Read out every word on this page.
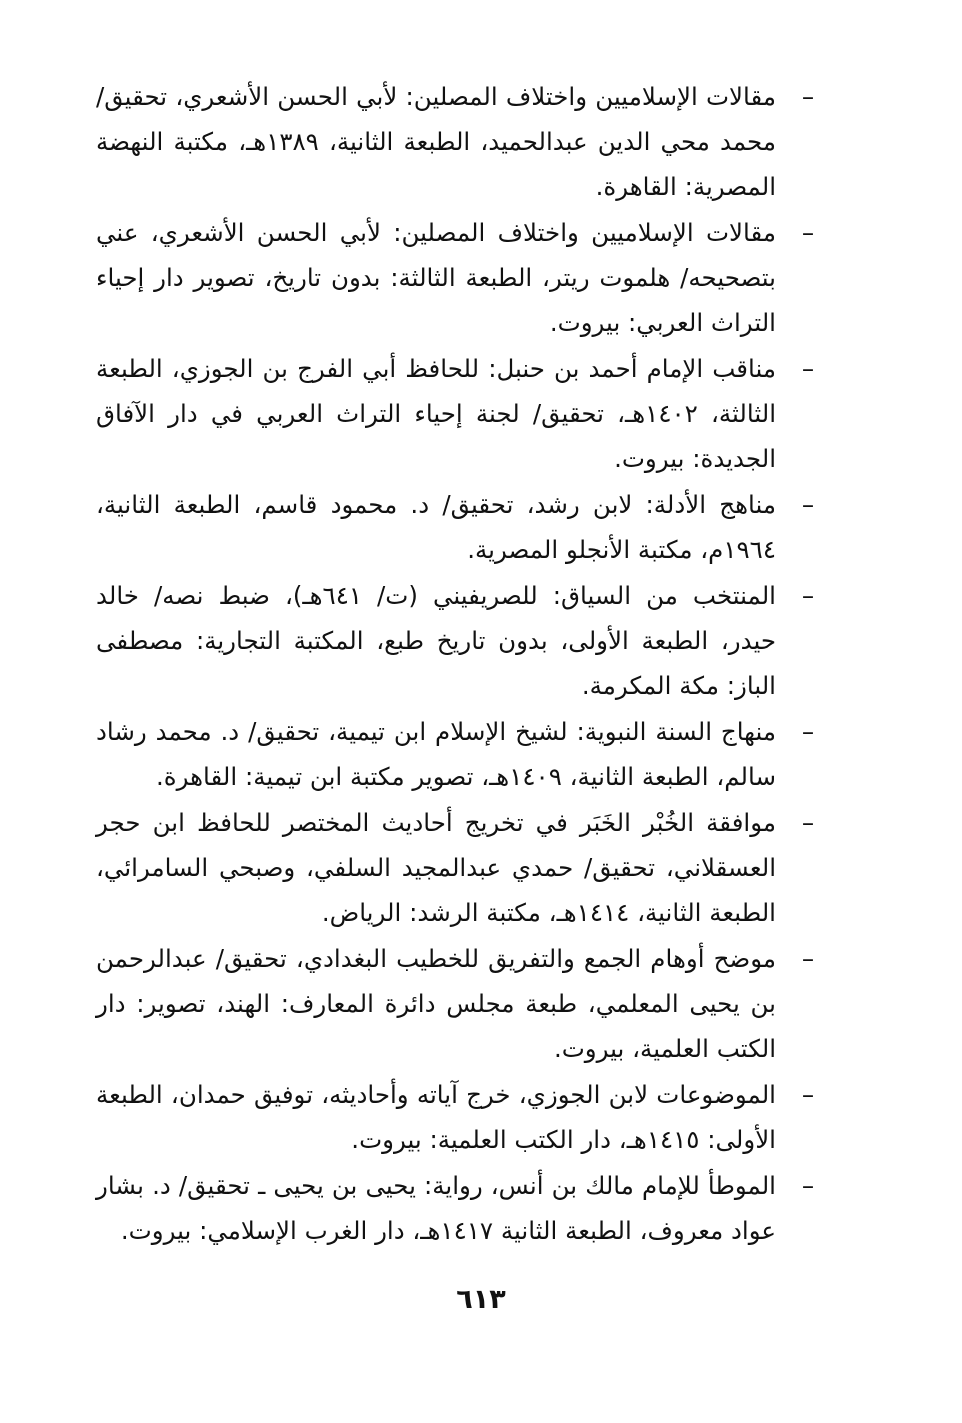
–
مقالات الإسلاميين واختلاف المصلين: لأبي الحسن الأشعري، تحقيق/ محمد محي الدين عبدالحميد، الطبعة الثانية، ١٣٨٩هـ، مكتبة النهضة المصرية: القاهرة.
–
مقالات الإسلاميين واختلاف المصلين: لأبي الحسن الأشعري، عني بتصحيحه/ هلموت ريتر، الطبعة الثالثة: بدون تاريخ، تصوير دار إحياء التراث العربي: بيروت.
–
مناقب الإمام أحمد بن حنبل: للحافظ أبي الفرج بن الجوزي، الطبعة الثالثة، ١٤٠٢هـ، تحقيق/ لجنة إحياء التراث العربي في دار الآفاق الجديدة: بيروت.
–
مناهج الأدلة: لابن رشد، تحقيق/ د. محمود قاسم، الطبعة الثانية، ١٩٦٤م، مكتبة الأنجلو المصرية.
–
المنتخب من السياق: للصريفيني (ت/ ٦٤١هـ)، ضبط نصه/ خالد حيدر، الطبعة الأولى، بدون تاريخ طبع، المكتبة التجارية: مصطفى الباز: مكة المكرمة.
–
منهاج السنة النبوية: لشيخ الإسلام ابن تيمية، تحقيق/ د. محمد رشاد سالم، الطبعة الثانية، ١٤٠٩هـ، تصوير مكتبة ابن تيمية: القاهرة.
–
موافقة الخُبْر الخَبَر في تخريج أحاديث المختصر للحافظ ابن حجر العسقلاني، تحقيق/ حمدي عبدالمجيد السلفي، وصبحي السامرائي، الطبعة الثانية، ١٤١٤هـ، مكتبة الرشد: الرياض.
–
موضح أوهام الجمع والتفريق للخطيب البغدادي، تحقيق/ عبدالرحمن بن يحيى المعلمي، طبعة مجلس دائرة المعارف: الهند، تصوير: دار الكتب العلمية، بيروت.
–
الموضوعات لابن الجوزي، خرج آياته وأحاديثه، توفيق حمدان، الطبعة الأولى: ١٤١٥هـ، دار الكتب العلمية: بيروت.
–
الموطأ للإمام مالك بن أنس، رواية: يحيى بن يحيى ـ تحقيق/ د. بشار عواد معروف، الطبعة الثانية ١٤١٧هـ، دار الغرب الإسلامي: بيروت.
٦١٣
